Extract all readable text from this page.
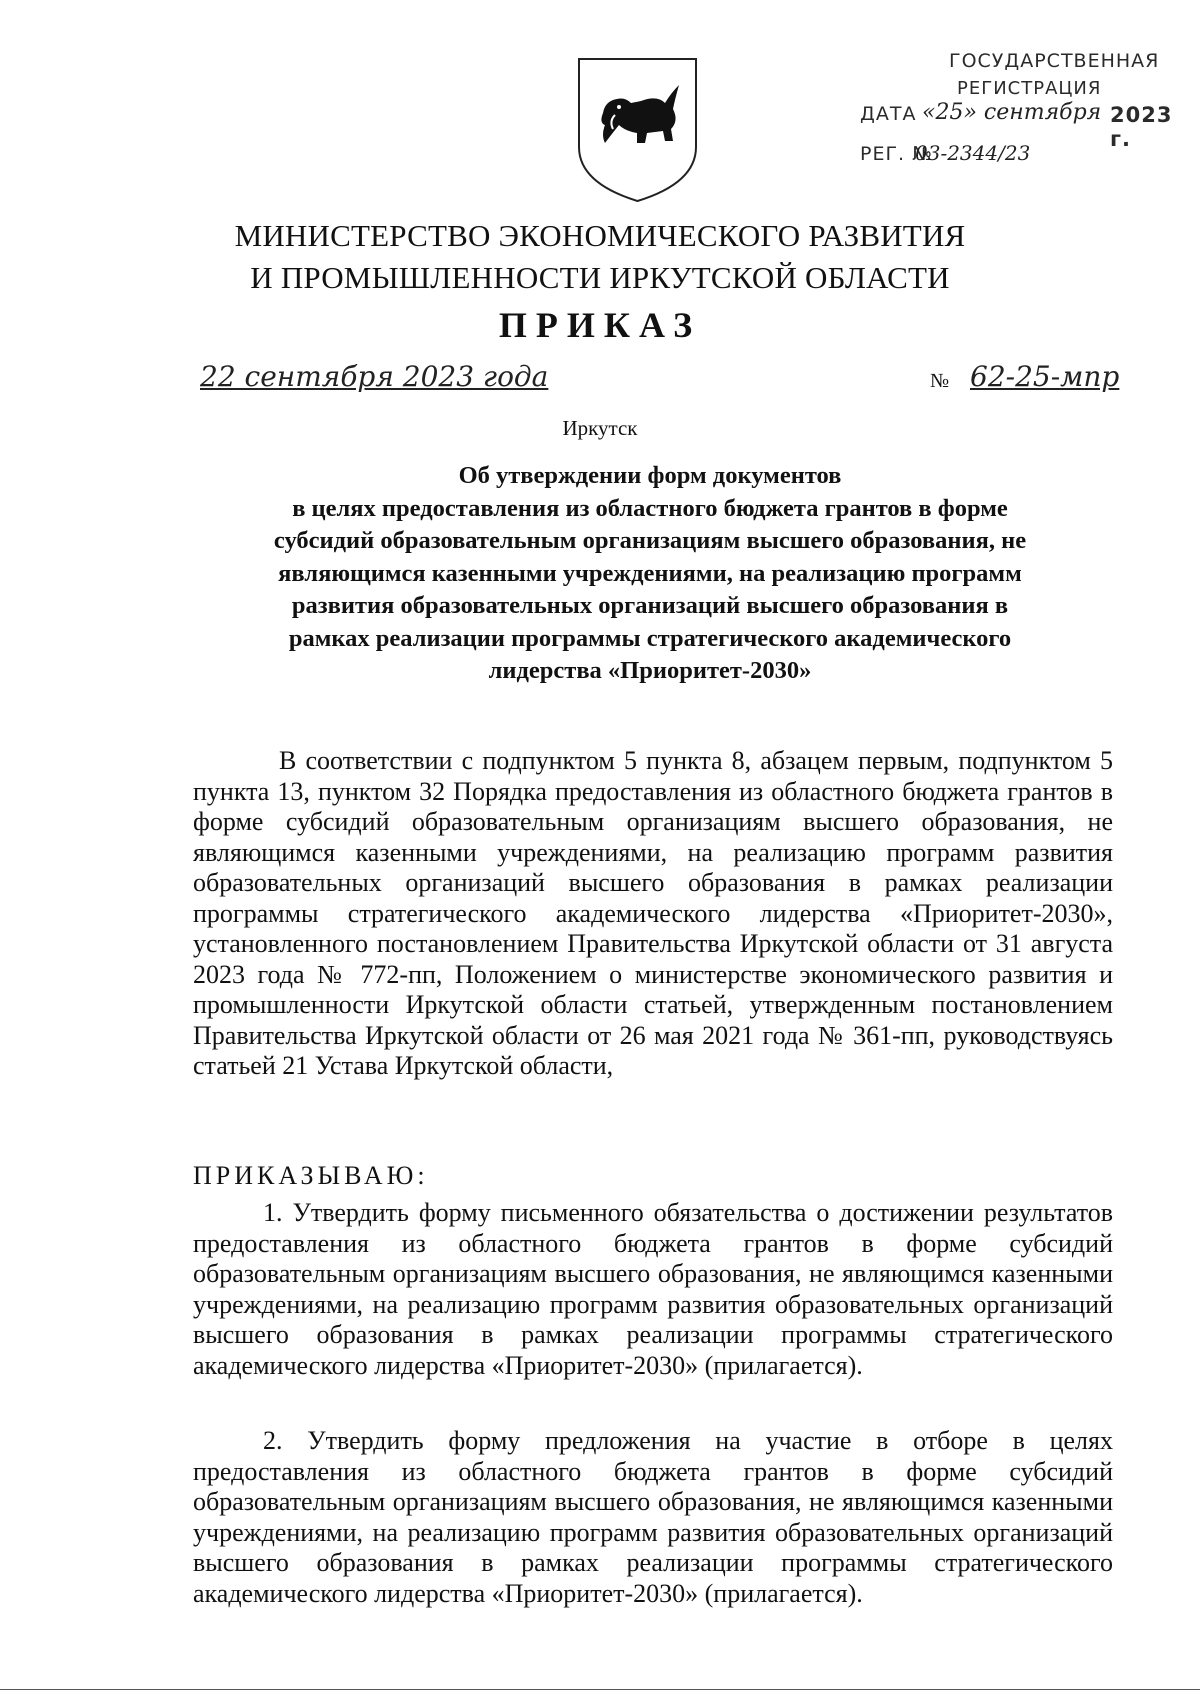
ГОСУДАРСТВЕННАЯ
РЕГИСТРАЦИЯ
ДАТА «25» сентября 2023 г.
РЕГ. №
03-2344/23
МИНИСТЕРСТВО ЭКОНОМИЧЕСКОГО РАЗВИТИЯ
И ПРОМЫШЛЕННОСТИ ИРКУТСКОЙ ОБЛАСТИ
ПРИКАЗ
22 сентября 2023 года	№ 62-25-мпр
Иркутск
Об утверждении форм документов
в целях предоставления из областного бюджета грантов в форме
субсидий образовательным организациям высшего образования, не
являющимся казенными учреждениями, на реализацию программ
развития образовательных организаций высшего образования в
рамках реализации программы стратегического академического
лидерства «Приоритет-2030»

В соответствии с подпунктом 5 пункта 8, абзацем первым, подпунктом 5 пункта 13, пунктом 32 Порядка предоставления из областного бюджета грантов в форме субсидий образовательным организациям высшего образования, не являющимся казенными учреждениями, на реализацию программ развития образовательных организаций высшего образования в рамках реализации программы стратегического академического лидерства «Приоритет-2030», установленного постановлением Правительства Иркутской области от 31 августа 2023 года № 772-пп, Положением о министерстве экономического развития и промышленности Иркутской области статьей, утвержденным постановлением Правительства Иркутской области от 26 мая 2021 года № 361-пп, руководствуясь статьей 21 Устава Иркутской области,

ПРИКАЗЫВАЮ:

1. Утвердить форму письменного обязательства о достижении результатов предоставления из областного бюджета грантов в форме субсидий образовательным организациям высшего образования, не являющимся казенными учреждениями, на реализацию программ развития образовательных организаций высшего образования в рамках реализации программы стратегического академического лидерства «Приоритет-2030» (прилагается).

2. Утвердить форму предложения на участие в отборе в целях предоставления из областного бюджета грантов в форме субсидий образовательным организациям высшего образования, не являющимся казенными учреждениями, на реализацию программ развития образовательных организаций высшего образования в рамках реализации программы стратегического академического лидерства «Приоритет-2030» (прилагается).
